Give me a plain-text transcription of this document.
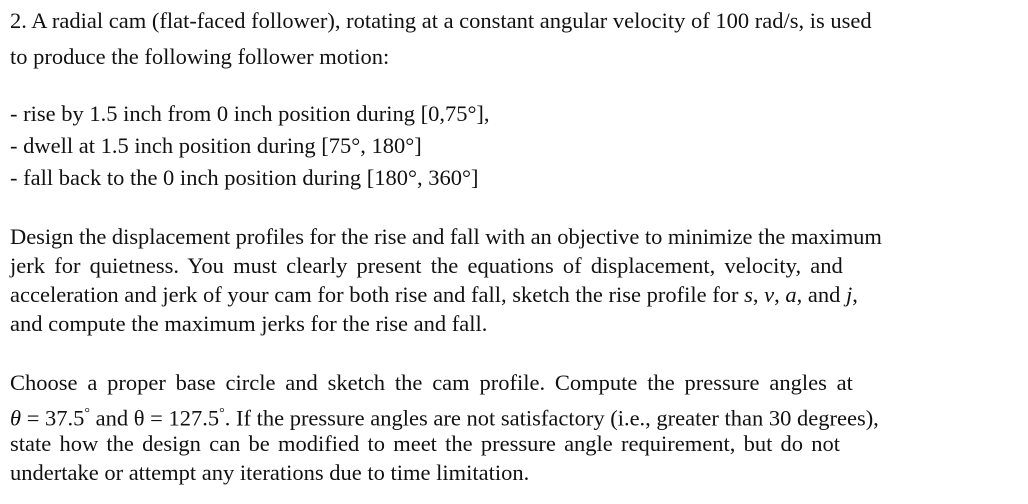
2. A radial cam (flat-faced follower), rotating at a constant angular velocity of 100 rad/s, is used
to produce the following follower motion:
- rise by 1.5 inch from 0 inch position during [0,75°],
- dwell at 1.5 inch position during [75°, 180°]
- fall back to the 0 inch position during [180°, 360°]
Design the displacement profiles for the rise and fall with an objective to minimize the maximum
jerk for quietness. You must clearly present the equations of displacement, velocity, and
acceleration and jerk of your cam for both rise and fall, sketch the rise profile for s, v, a, and j,
and compute the maximum jerks for the rise and fall.
Choose a proper base circle and sketch the cam profile. Compute the pressure angles at
θ = 37.5° and θ = 127.5°. If the pressure angles are not satisfactory (i.e., greater than 30 degrees),
state how the design can be modified to meet the pressure angle requirement, but do not
undertake or attempt any iterations due to time limitation.
